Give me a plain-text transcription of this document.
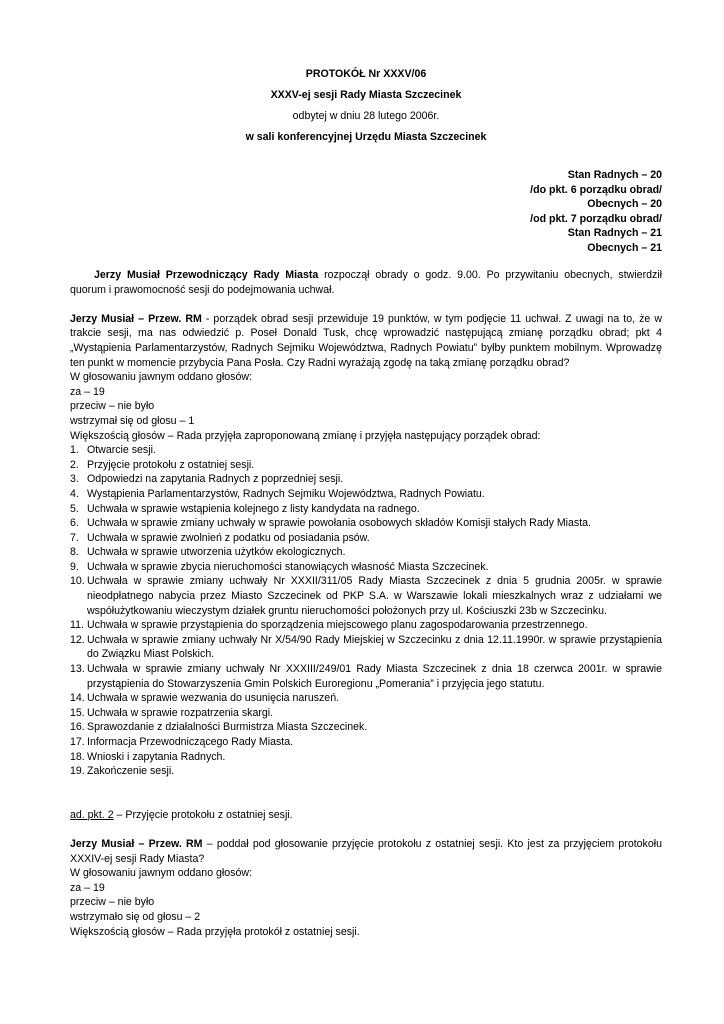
PROTOKÓŁ Nr XXXV/06
XXXV-ej sesji Rady Miasta Szczecinek
odbytej w dniu 28 lutego 2006r.
w sali konferencyjnej Urzędu Miasta Szczecinek
Stan Radnych – 20
/do pkt. 6 porządku obrad/
Obecnych – 20
/od pkt. 7 porządku obrad/
Stan Radnych – 21
Obecnych – 21

Jerzy Musiał Przewodniczący Rady Miasta rozpoczął obrady o godz. 9.00. Po przywitaniu obecnych, stwierdził quorum i prawomocność sesji do podejmowania uchwał.

Jerzy Musiał – Przew. RM - porządek obrad sesji przewiduje 19 punktów, w tym podjęcie 11 uchwał. Z uwagi na to, że w trakcie sesji, ma nas odwiedzić p. Poseł Donald Tusk, chcę wprowadzić następującą zmianę porządku obrad; pkt 4 „Wystąpienia Parlamentarzystów, Radnych Sejmiku Województwa, Radnych Powiatu” byłby punktem mobilnym. Wprowadzę ten punkt w momencie przybycia Pana Posła. Czy Radni wyrażają zgodę na taką zmianę porządku obrad?

W głosowaniu jawnym oddano głosów:
za – 19
przeciw – nie było
wstrzymał się od głosu – 1
Większością głosów – Rada przyjęła zaproponowaną zmianę i przyjęła następujący porządek obrad:
1. Otwarcie sesji.
2. Przyjęcie protokołu z ostatniej sesji.
3. Odpowiedzi na zapytania Radnych z poprzedniej sesji.
4. Wystąpienia Parlamentarzystów, Radnych Sejmiku Województwa, Radnych Powiatu.
5. Uchwała w sprawie wstąpienia kolejnego z listy kandydata na radnego.
6. Uchwała w sprawie zmiany uchwały w sprawie powołania osobowych składów Komisji stałych Rady Miasta.
7. Uchwała w sprawie zwolnień z podatku od posiadania psów.
8. Uchwała w sprawie utworzenia użytków ekologicznych.
9. Uchwała w sprawie zbycia nieruchomości stanowiących własność Miasta Szczecinek.
10. Uchwała w sprawie zmiany uchwały Nr XXXII/311/05 Rady Miasta Szczecinek z dnia 5 grudnia 2005r. w sprawie nieodpłatnego nabycia przez Miasto Szczecinek od PKP S.A. w Warszawie lokali mieszkalnych wraz z udziałami we współużytkowaniu wieczystym działek gruntu nieruchomości położonych przy ul. Kościuszki 23b w Szczecinku.
11. Uchwała w sprawie przystąpienia do sporządzenia miejscowego planu zagospodarowania przestrzennego.
12. Uchwała w sprawie zmiany uchwały Nr X/54/90 Rady Miejskiej w Szczecinku z dnia 12.11.1990r. w sprawie przystąpienia do Związku Miast Polskich.
13. Uchwała w sprawie zmiany uchwały Nr XXXIII/249/01 Rady Miasta Szczecinek z dnia 18 czerwca 2001r. w sprawie przystąpienia do Stowarzyszenia Gmin Polskich Euroregionu „Pomerania” i przyjęcia jego statutu.
14. Uchwała w sprawie wezwania do usunięcia naruszeń.
15. Uchwała w sprawie rozpatrzenia skargi.
16. Sprawozdanie z działalności Burmistrza Miasta Szczecinek.
17. Informacja Przewodniczącego Rady Miasta.
18. Wnioski i zapytania Radnych.
19. Zakończenie sesji.

ad. pkt. 2 – Przyjęcie protokołu z ostatniej sesji.

Jerzy Musiał – Przew. RM – poddał pod głosowanie przyjęcie protokołu z ostatniej sesji. Kto jest za przyjęciem protokołu XXXIV-ej sesji Rady Miasta?

W głosowaniu jawnym oddano głosów:
za – 19
przeciw – nie było
wstrzymało się od głosu – 2
Większością głosów – Rada przyjęła protokół z ostatniej sesji.
